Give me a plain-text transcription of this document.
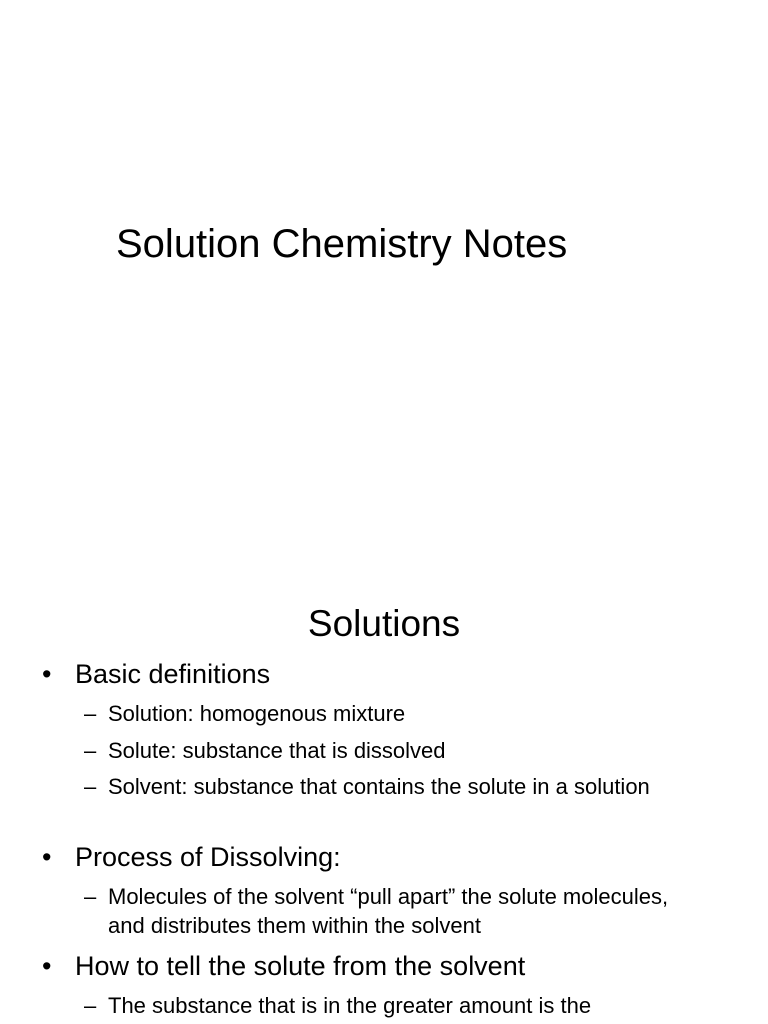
Solution Chemistry Notes
Solutions
• Basic definitions
– Solution: homogenous mixture
– Solute: substance that is dissolved
– Solvent: substance that contains the solute in a solution
• Process of Dissolving:
– Molecules of the solvent “pull apart” the solute molecules, and distributes them within the solvent
• How to tell the solute from the solvent
– The substance that is in the greater amount is the
